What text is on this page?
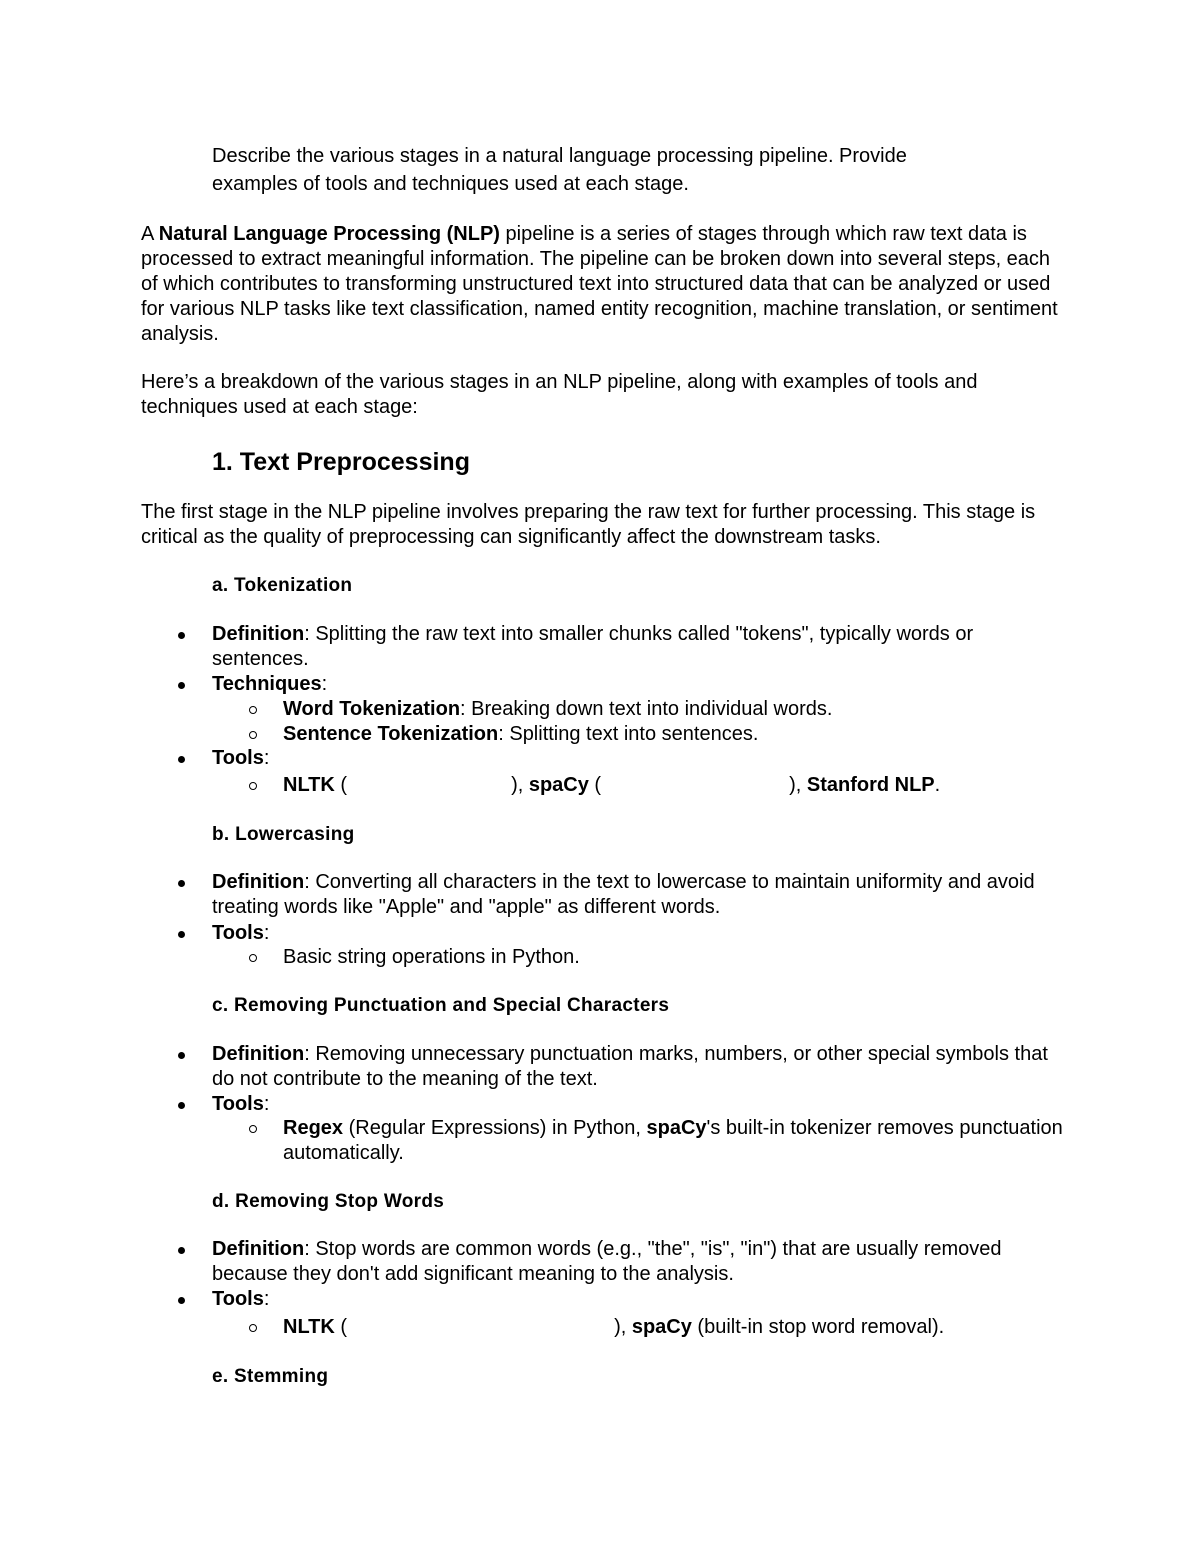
Describe the various stages in a natural language processing pipeline. Provide
examples of tools and techniques used at each stage.
A Natural Language Processing (NLP) pipeline is a series of stages through which raw text data is processed to extract meaningful information. The pipeline can be broken down into several steps, each of which contributes to transforming unstructured text into structured data that can be analyzed or used for various NLP tasks like text classification, named entity recognition, machine translation, or sentiment analysis.
Here’s a breakdown of the various stages in an NLP pipeline, along with examples of tools and techniques used at each stage:
1. Text Preprocessing
The first stage in the NLP pipeline involves preparing the raw text for further processing. This stage is critical as the quality of preprocessing can significantly affect the downstream tasks.
a. Tokenization
Definition: Splitting the raw text into smaller chunks called "tokens", typically words or sentences.
Techniques:
Word Tokenization: Breaking down text into individual words.
Sentence Tokenization: Splitting text into sentences.
Tools:
NLTK (	), spaCy (	), Stanford NLP.
b. Lowercasing
Definition: Converting all characters in the text to lowercase to maintain uniformity and avoid treating words like "Apple" and "apple" as different words.
Tools:
Basic string operations in Python.
c. Removing Punctuation and Special Characters
Definition: Removing unnecessary punctuation marks, numbers, or other special symbols that do not contribute to the meaning of the text.
Tools:
Regex (Regular Expressions) in Python, spaCy's built-in tokenizer removes punctuation automatically.
d. Removing Stop Words
Definition: Stop words are common words (e.g., "the", "is", "in") that are usually removed because they don't add significant meaning to the analysis.
Tools:
NLTK (	), spaCy (built-in stop word removal).
e. Stemming
